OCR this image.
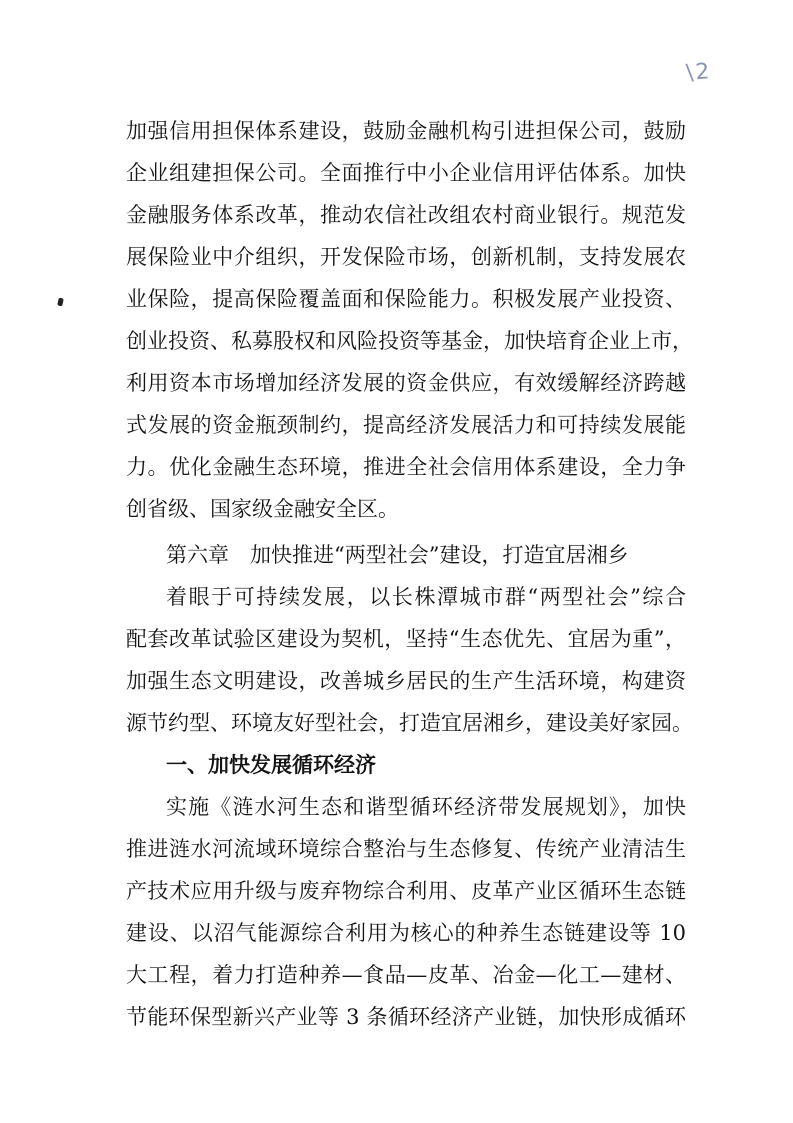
\2
加强信用担保体系建设，鼓励金融机构引进担保公司，鼓励
企业组建担保公司。全面推行中小企业信用评估体系。加快
金融服务体系改革，推动农信社改组农村商业银行。规范发
展保险业中介组织，开发保险市场，创新机制，支持发展农
业保险，提高保险覆盖面和保险能力。积极发展产业投资、
创业投资、私募股权和风险投资等基金，加快培育企业上市，
利用资本市场增加经济发展的资金供应，有效缓解经济跨越
式发展的资金瓶颈制约，提高经济发展活力和可持续发展能
力。优化金融生态环境，推进全社会信用体系建设，全力争
创省级、国家级金融安全区。
第六章　加快推进“两型社会”建设，打造宜居湘乡
着眼于可持续发展，以长株潭城市群“两型社会”综合
配套改革试验区建设为契机，坚持“生态优先、宜居为重”，
加强生态文明建设，改善城乡居民的生产生活环境，构建资
源节约型、环境友好型社会，打造宜居湘乡，建设美好家园。
一、加快发展循环经济
实施《涟水河生态和谐型循环经济带发展规划》，加快
推进涟水河流域环境综合整治与生态修复、传统产业清洁生
产技术应用升级与废弃物综合利用、皮革产业区循环生态链
建设、以沼气能源综合利用为核心的种养生态链建设等 10
大工程，着力打造种养—食品—皮革、冶金—化工—建材、
节能环保型新兴产业等 3 条循环经济产业链，加快形成循环
